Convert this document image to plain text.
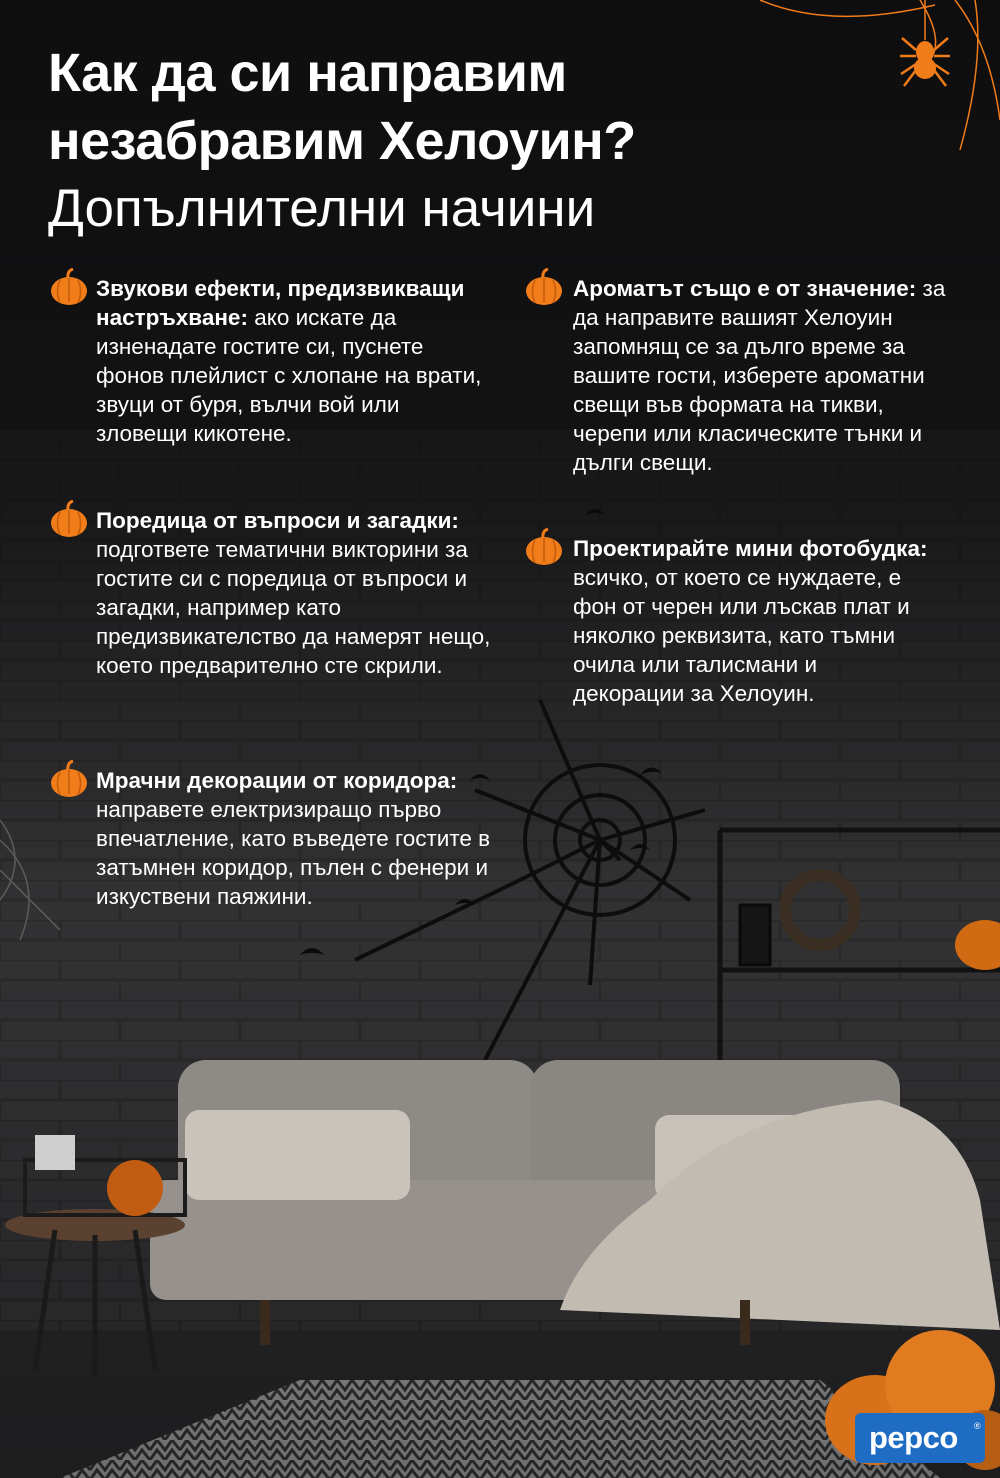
Как да си направим
незабравим Хелоуин?
Допълнителни начини

Звукови ефекти, предизвикващи настръхване: ако искате да изненадате гостите си, пуснете фонов плейлист с хлопане на врати, звуци от буря, вълчи вой или зловещи кикотене.

Поредица от въпроси и загадки: подгответе тематични викторини за гостите си с поредица от въпроси и загадки, например като предизвикателство да намерят нещо, което предварително сте скрили.

Мрачни декорации от коридора: направете електризиращо първо впечатление, като въведете гостите в затъмнен коридор, пълен с фенери и изкуствени паяжини.

Ароматът също е от значение: за да направите вашият Хелоуин запомнящ се за дълго време за вашите гости, изберете ароматни свещи във формата на тикви, черепи или класическите тънки и дълги свещи.

Проектирайте мини фотобудка: всичко, от което се нуждаете, е фон от черен или лъскав плат и няколко реквизита, като тъмни очила или талисмани и декорации за Хелоуин.

pepco ®
